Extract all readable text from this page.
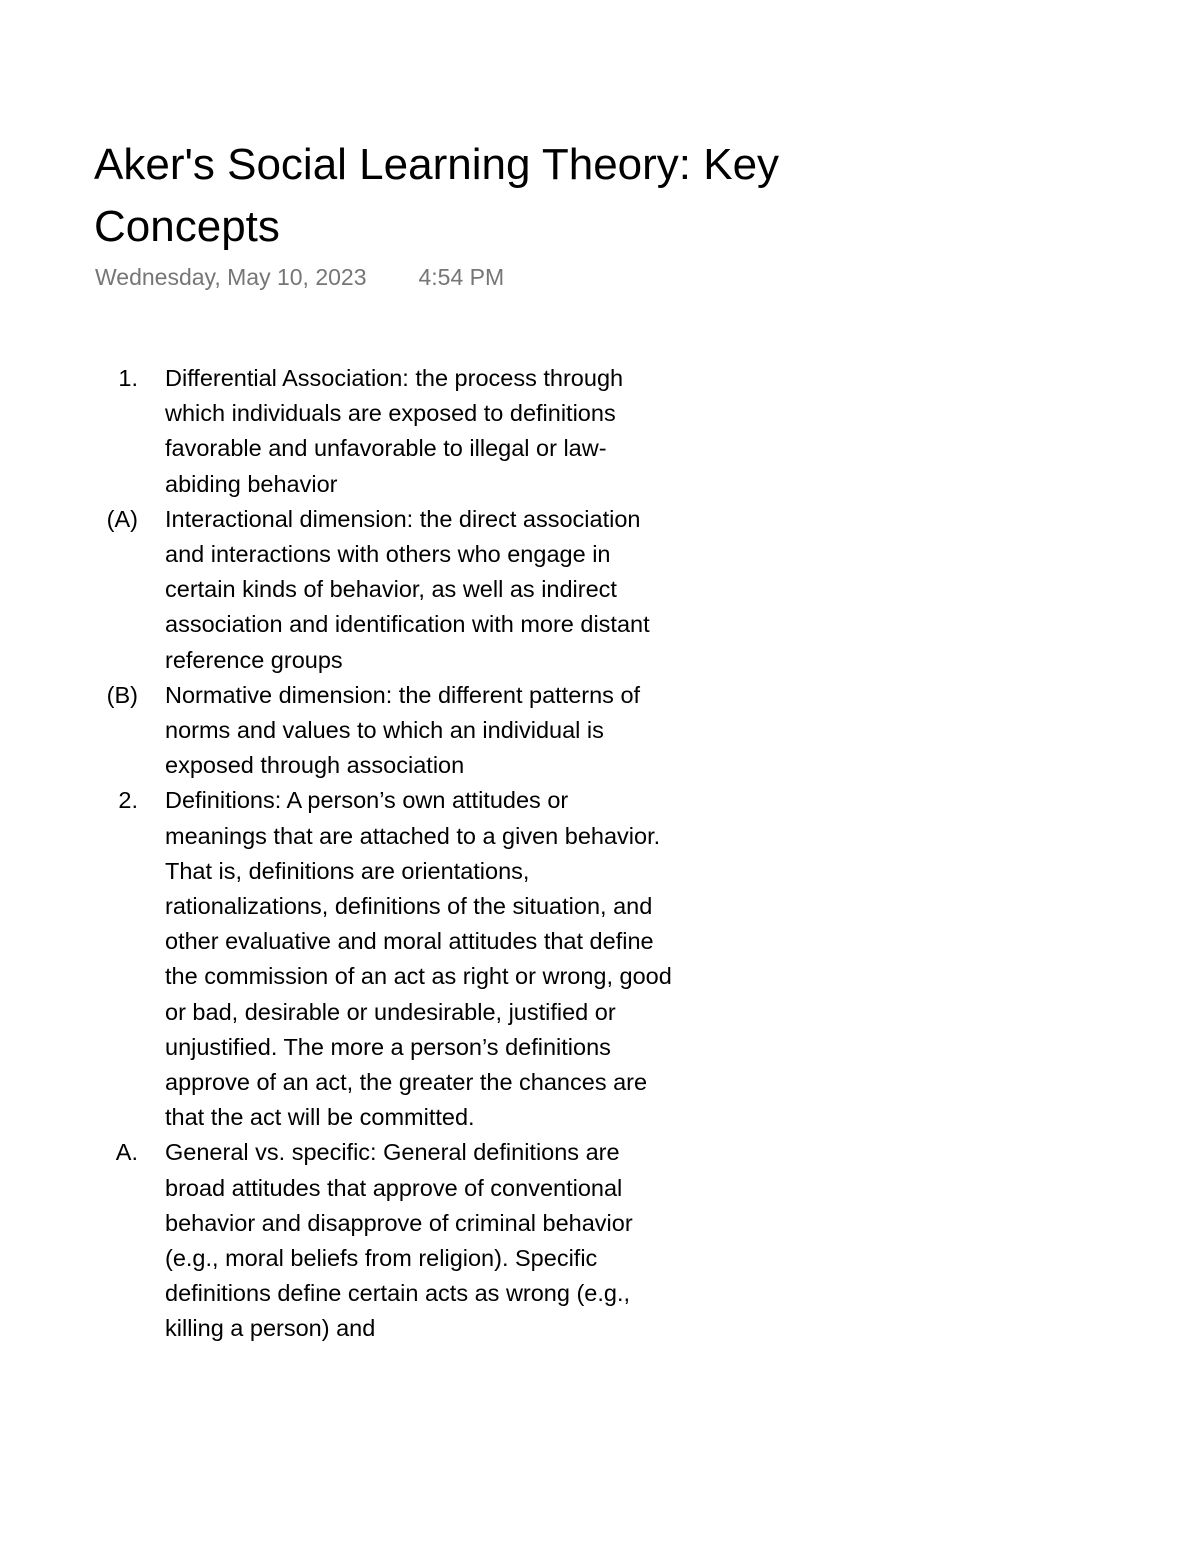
Aker's Social Learning Theory: Key Concepts
Wednesday, May 10, 2023 4:54 PM
1. Differential Association: the process through which individuals are exposed to definitions favorable and unfavorable to illegal or law-abiding behavior
(A) Interactional dimension: the direct association and interactions with others who engage in certain kinds of behavior, as well as indirect association and identification with more distant reference groups
(B) Normative dimension: the different patterns of norms and values to which an individual is exposed through association
2. Definitions: A person’s own attitudes or meanings that are attached to a given behavior. That is, definitions are orientations, rationalizations, definitions of the situation, and other evaluative and moral attitudes that define the commission of an act as right or wrong, good or bad, desirable or undesirable, justified or unjustified. The more a person’s definitions approve of an act, the greater the chances are that the act will be committed.
A. General vs. specific: General definitions are broad attitudes that approve of conventional behavior and disapprove of criminal behavior (e.g., moral beliefs from religion). Specific definitions define certain acts as wrong (e.g., killing a person) and
